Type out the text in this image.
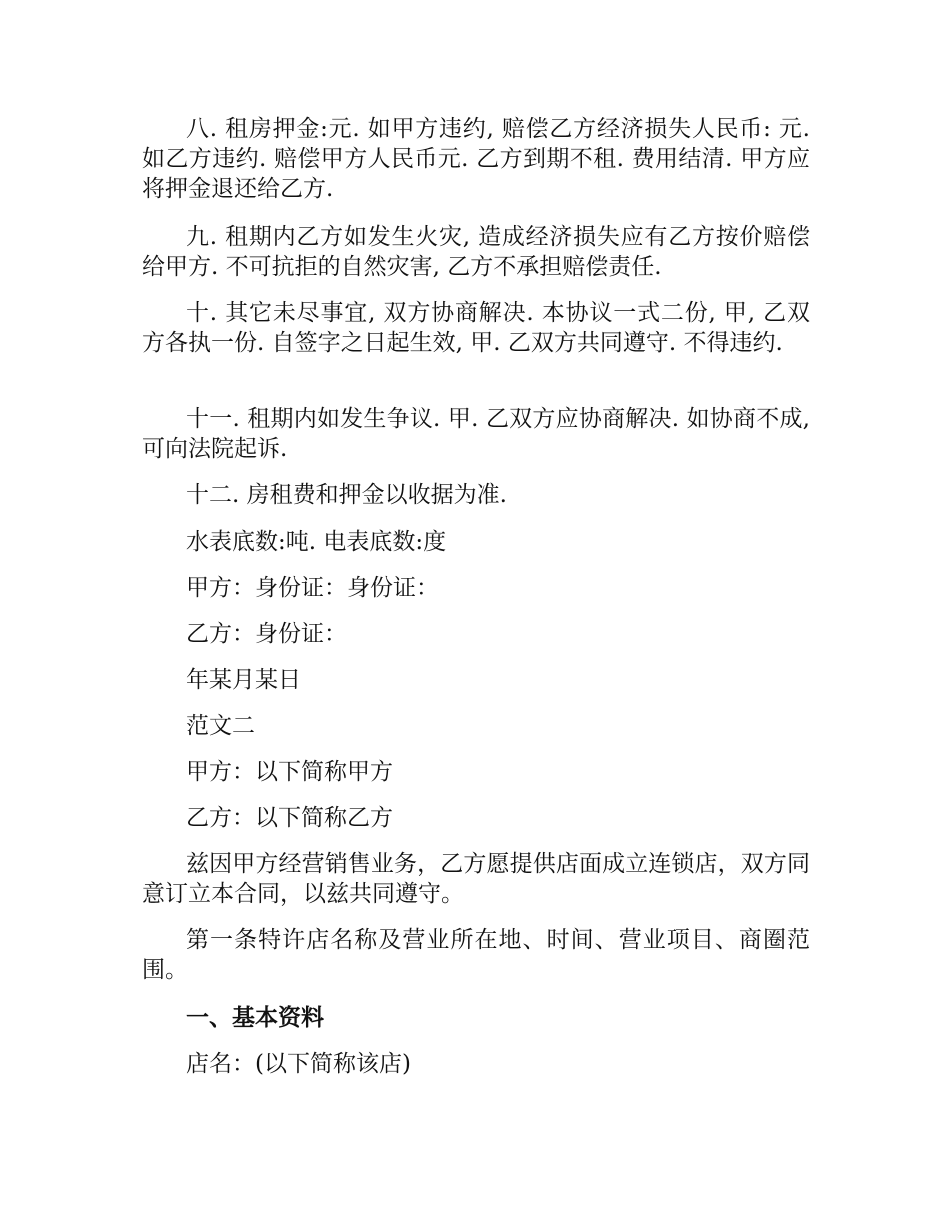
八. 租房押金:元. 如甲方违约, 赔偿乙方经济损失人民币: 元. 如乙方违约. 赔偿甲方人民币元. 乙方到期不租. 费用结清. 甲方应将押金退还给乙方.

九. 租期内乙方如发生火灾, 造成经济损失应有乙方按价赔偿给甲方. 不可抗拒的自然灾害, 乙方不承担赔偿责任.

十. 其它未尽事宜, 双方协商解决. 本协议一式二份, 甲, 乙双方各执一份. 自签字之日起生效, 甲. 乙双方共同遵守. 不得违约.

十一. 租期内如发生争议. 甲. 乙双方应协商解决. 如协商不成, 可向法院起诉.

十二. 房租费和押金以收据为准.

水表底数:吨. 电表底数:度

甲方：身份证：身份证：

乙方：身份证：

年某月某日

范文二

甲方：以下简称甲方

乙方：以下简称乙方

兹因甲方经营销售业务，乙方愿提供店面成立连锁店，双方同意订立本合同，以兹共同遵守。

第一条特许店名称及营业所在地、时间、营业项目、商圈范围。

一、基本资料

店名：(以下简称该店)
